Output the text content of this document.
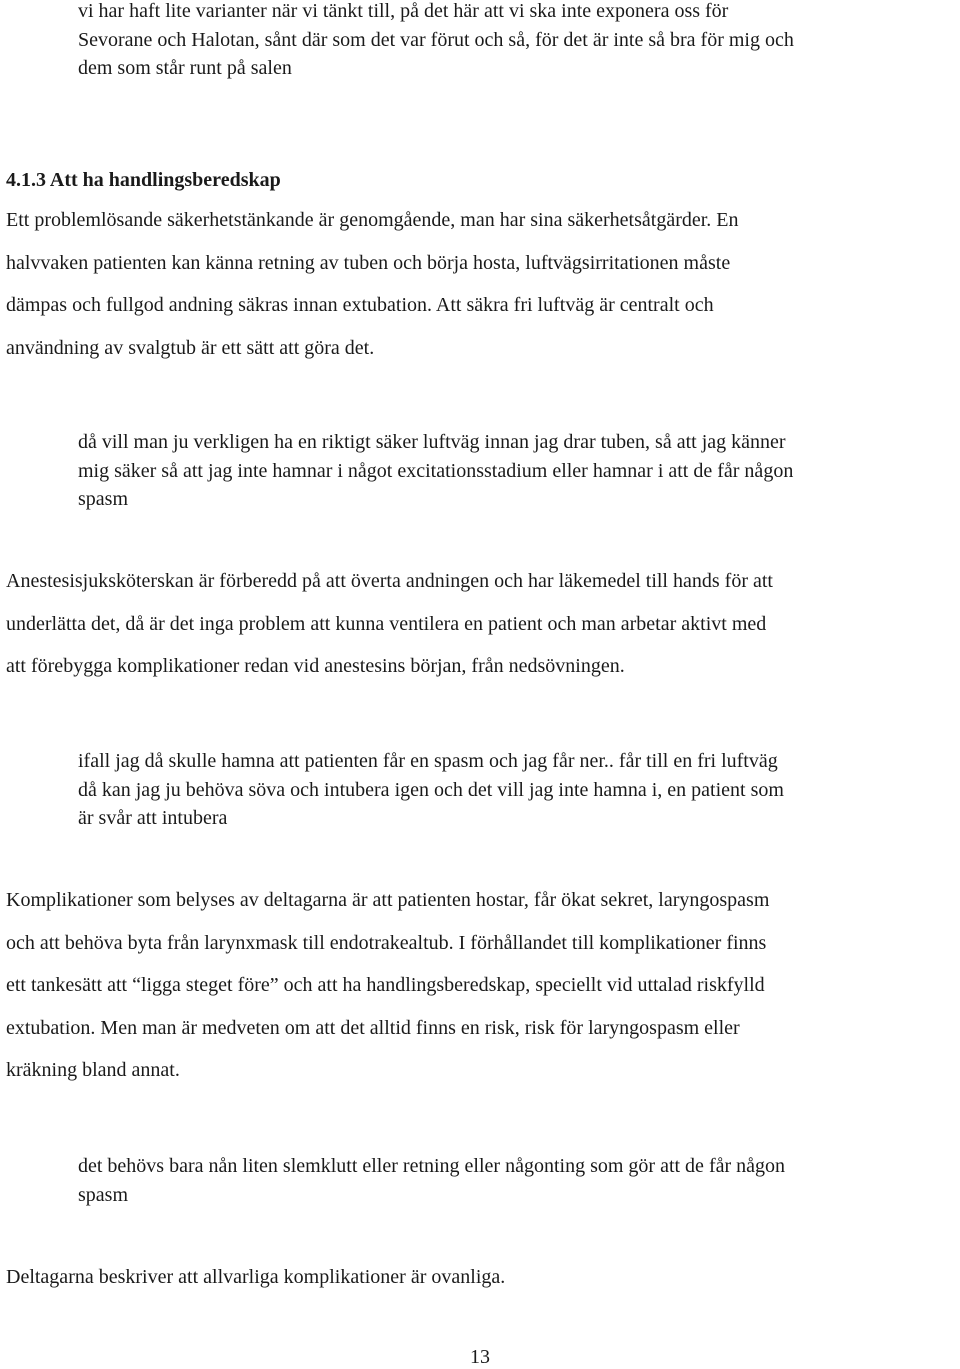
vi har haft lite varianter när vi tänkt till, på det här att vi ska inte exponera oss för
Sevorane och Halotan, sånt där som det var förut och så, för det är inte så bra för mig och
dem som står runt på salen

4.1.3 Att ha handlingsberedskap

Ett problemlösande säkerhetstänkande är genomgående, man har sina säkerhetsåtgärder. En
halvvaken patienten kan känna retning av tuben och börja hosta, luftvägsirritationen måste
dämpas och fullgod andning säkras innan extubation. Att säkra fri luftväg är centralt och
användning av svalgtub är ett sätt att göra det.

då vill man ju verkligen ha en riktigt säker luftväg innan jag drar tuben, så att jag känner
mig säker så att jag inte hamnar i något excitationsstadium eller hamnar i att de får någon
spasm

Anestesisjuksköterskan är förberedd på att överta andningen och har läkemedel till hands för att
underlätta det, då är det inga problem att kunna ventilera en patient och man arbetar aktivt med
att förebygga komplikationer redan vid anestesins början, från nedsövningen.

ifall jag då skulle hamna att patienten får en spasm och jag får ner.. får till en fri luftväg
då kan jag ju behöva söva och intubera igen och det vill jag inte hamna i, en patient som
är svår att intubera

Komplikationer som belyses av deltagarna är att patienten hostar, får ökat sekret, laryngospasm
och att behöva byta från larynxmask till endotrakealtub. I förhållandet till komplikationer finns
ett tankesätt att “ligga steget före” och att ha handlingsberedskap, speciellt vid uttalad riskfylld
extubation. Men man är medveten om att det alltid finns en risk, risk för laryngospasm eller
kräkning bland annat.

det behövs bara nån liten slemklutt eller retning eller någonting som gör att de får någon
spasm

Deltagarna beskriver att allvarliga komplikationer är ovanliga.

13
